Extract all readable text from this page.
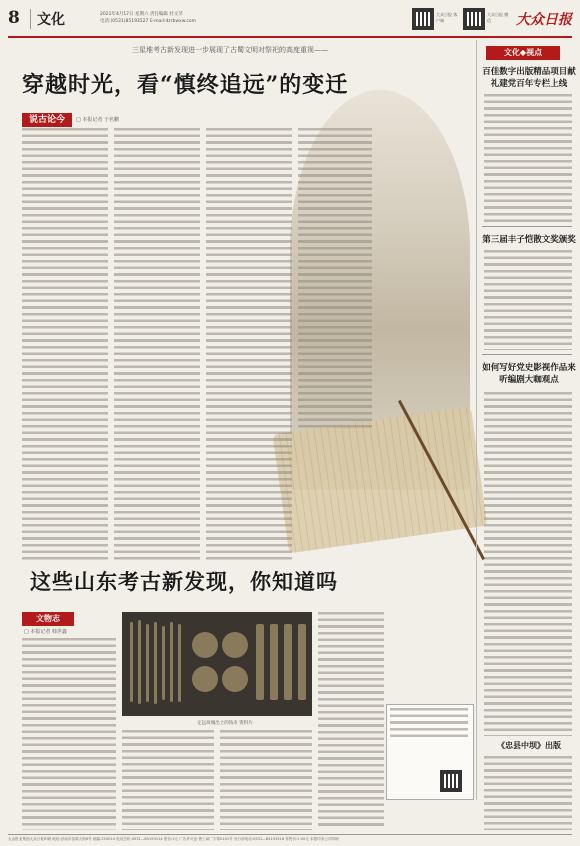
8	文化	2021年4月17日 星期六 责任编辑 杜文萃
电话:(0531)85193527 E-mail:dzrbwxw.com
大众日报 客户端
大众日报 微信	大众日报
三星堆考古新发现进一步展现了古蜀文明对祭祀的高度重视——
穿越时光，看“慎终追远”的变迁
说古论今	□ 本报记者 于名鹏
文化◆视点
百佳数字出版精品项目献礼建党百年专栏上线
第三届丰子恺散文奖颁奖
如何写好党史影视作品来听编剧大咖观点
《忠县中坝》出版
这些山东考古新发现，你知道吗
文物志
□ 本报记者 韩世鑫
定远故城出土的钱币 资料片
大众报业集团大众日报印刷 地址:济南市泺源大街6号 邮编:250014 电话总机:0531—85193114 报价:1元 广告许可证:鲁工商广字第0101号 发行部电话:0531—85193316 零售价:1.00元 本报印务公司印刷
